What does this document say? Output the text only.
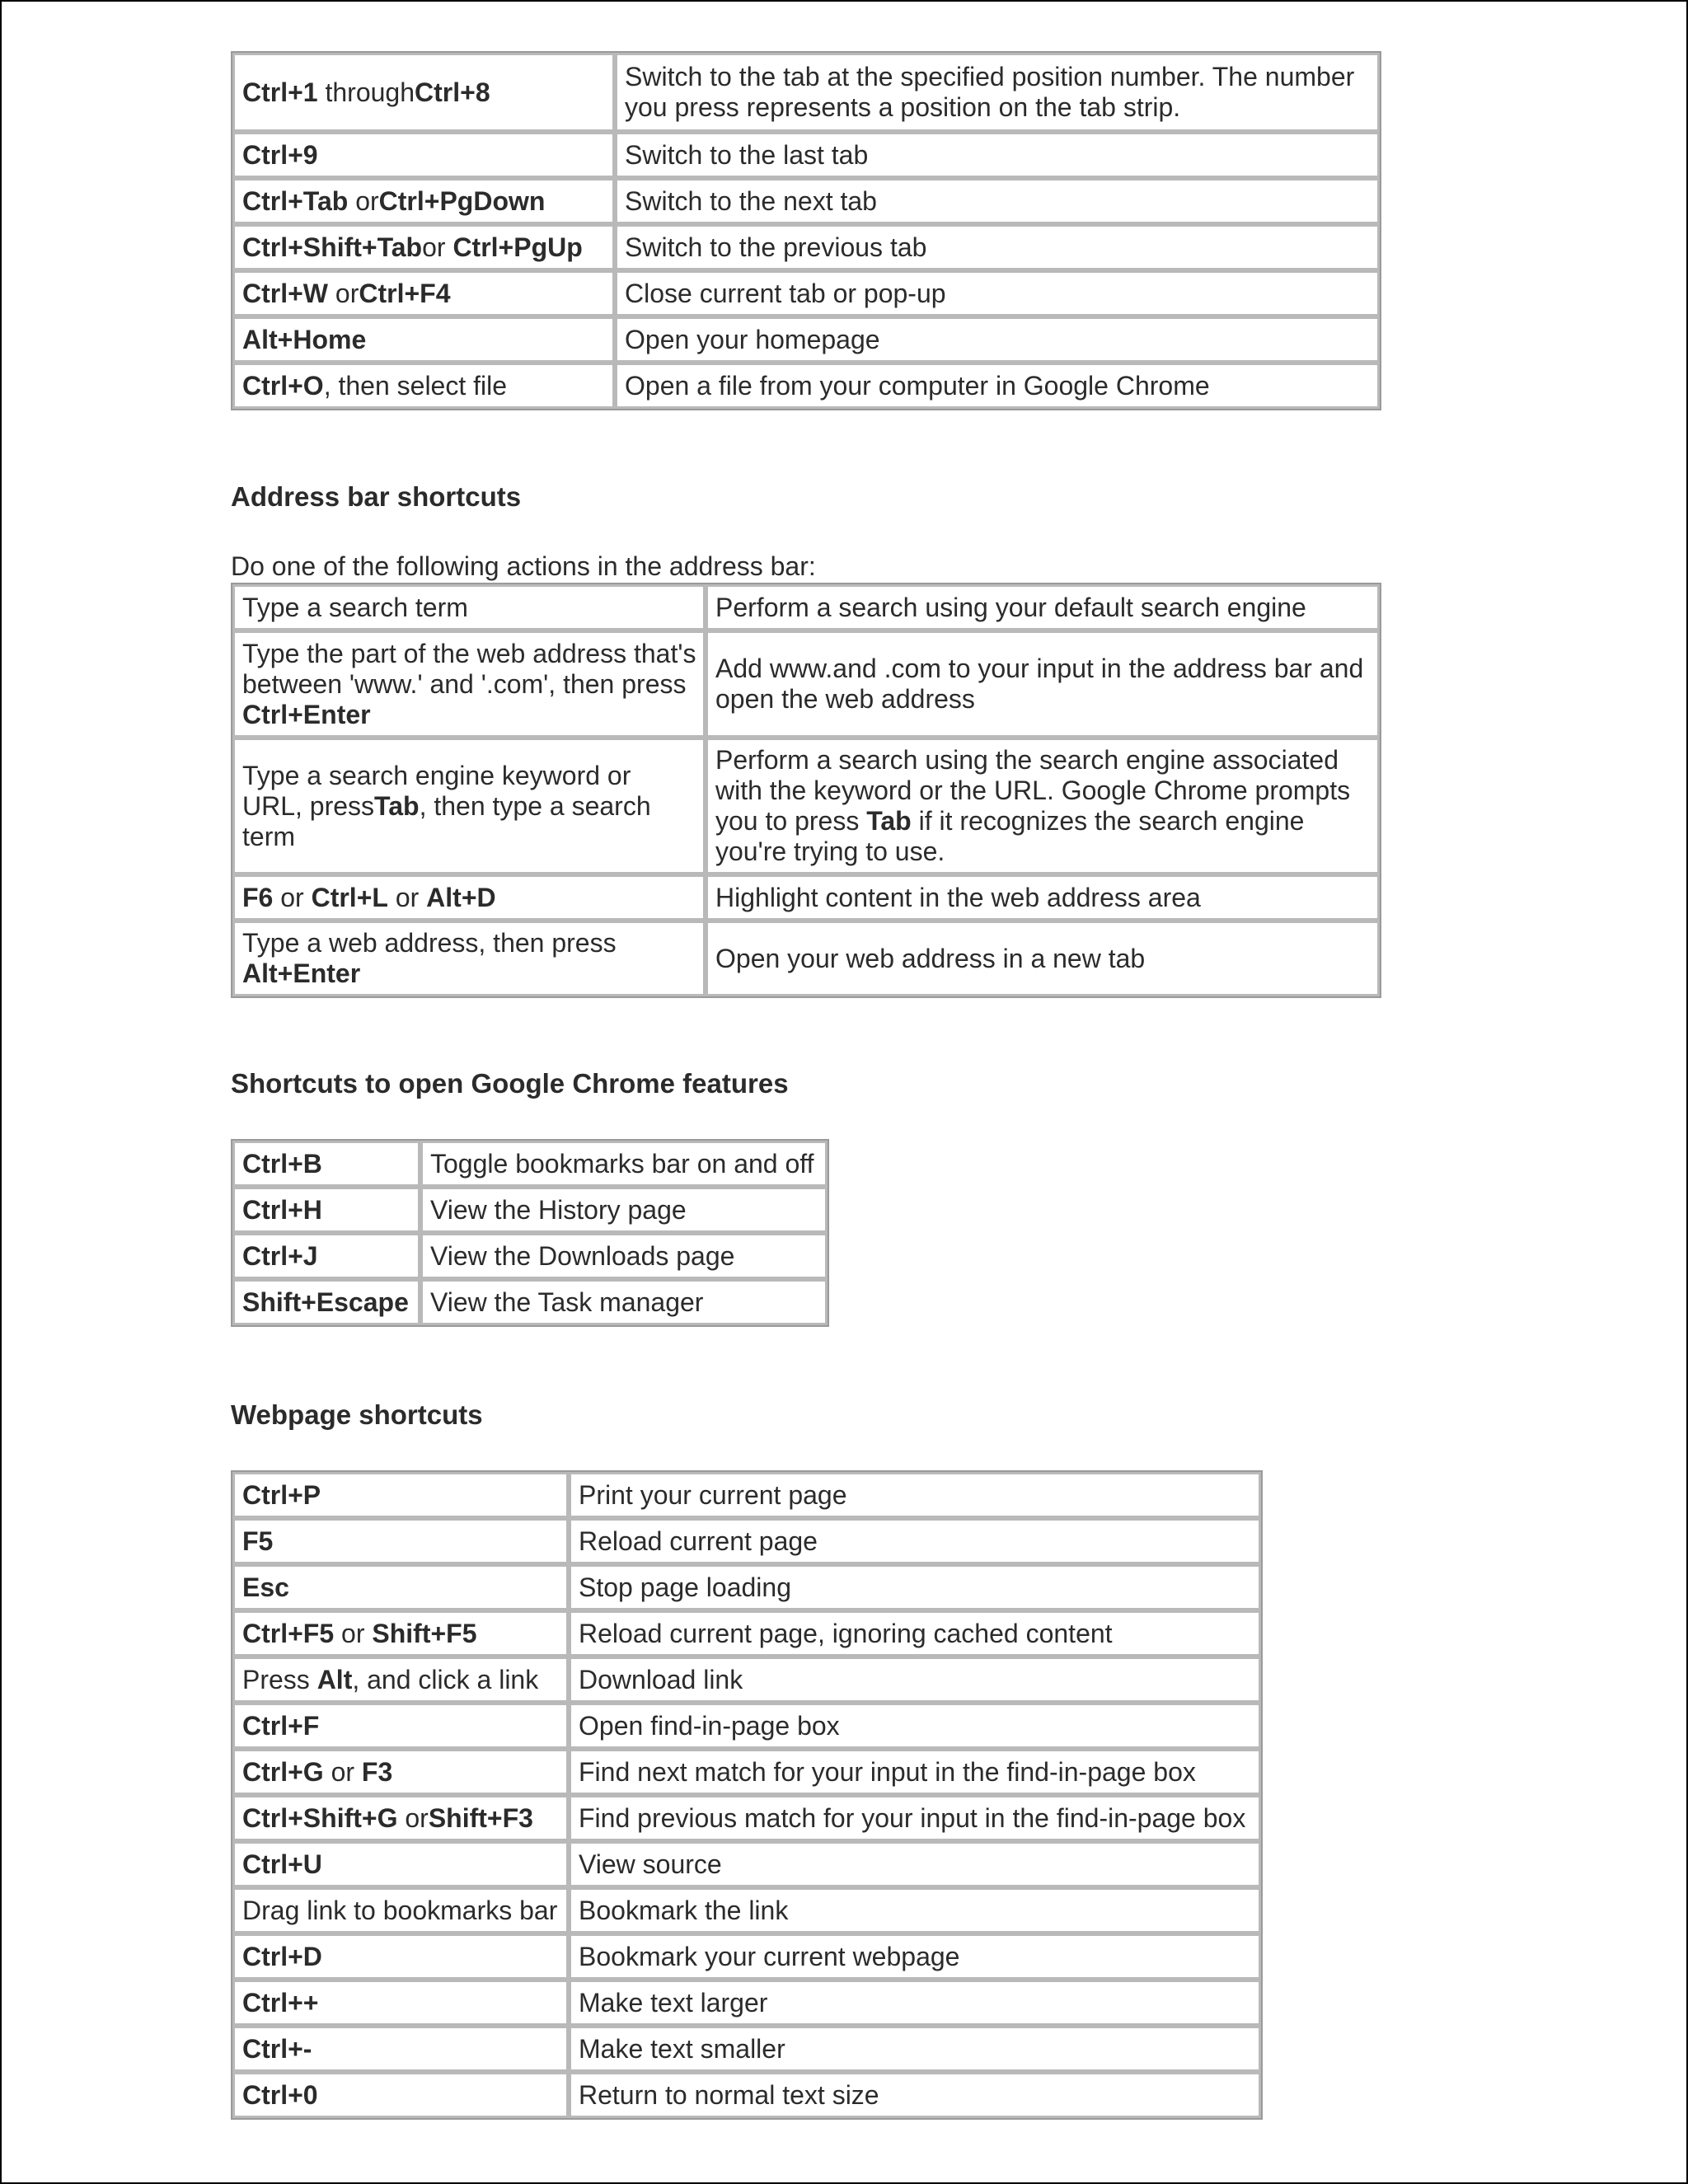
Ctrl+1 throughCtrl+8	Switch to the tab at the specified position number. The number you press represents a position on the tab strip.
Ctrl+9	Switch to the last tab
Ctrl+Tab orCtrl+PgDown	Switch to the next tab
Ctrl+Shift+Tabor Ctrl+PgUp	Switch to the previous tab
Ctrl+W orCtrl+F4	Close current tab or pop-up
Alt+Home	Open your homepage
Ctrl+O, then select file	Open a file from your computer in Google Chrome
Address bar shortcuts
Do one of the following actions in the address bar:
Type a search term	Perform a search using your default search engine
Type the part of the web address that's between 'www.' and '.com', then press Ctrl+Enter	Add www.and .com to your input in the address bar and open the web address
Type a search engine keyword or URL, pressTab, then type a search term	Perform a search using the search engine associated with the keyword or the URL. Google Chrome prompts you to press Tab if it recognizes the search engine you're trying to use.
F6 or Ctrl+L or Alt+D	Highlight content in the web address area
Type a web address, then press Alt+Enter	Open your web address in a new tab
Shortcuts to open Google Chrome features
Ctrl+B	Toggle bookmarks bar on and off
Ctrl+H	View the History page
Ctrl+J	View the Downloads page
Shift+Escape	View the Task manager
Webpage shortcuts
Ctrl+P	Print your current page
F5	Reload current page
Esc	Stop page loading
Ctrl+F5 or Shift+F5	Reload current page, ignoring cached content
Press Alt, and click a link	Download link
Ctrl+F	Open find-in-page box
Ctrl+G or F3	Find next match for your input in the find-in-page box
Ctrl+Shift+G orShift+F3	Find previous match for your input in the find-in-page box
Ctrl+U	View source
Drag link to bookmarks bar	Bookmark the link
Ctrl+D	Bookmark your current webpage
Ctrl++	Make text larger
Ctrl+-	Make text smaller
Ctrl+0	Return to normal text size
